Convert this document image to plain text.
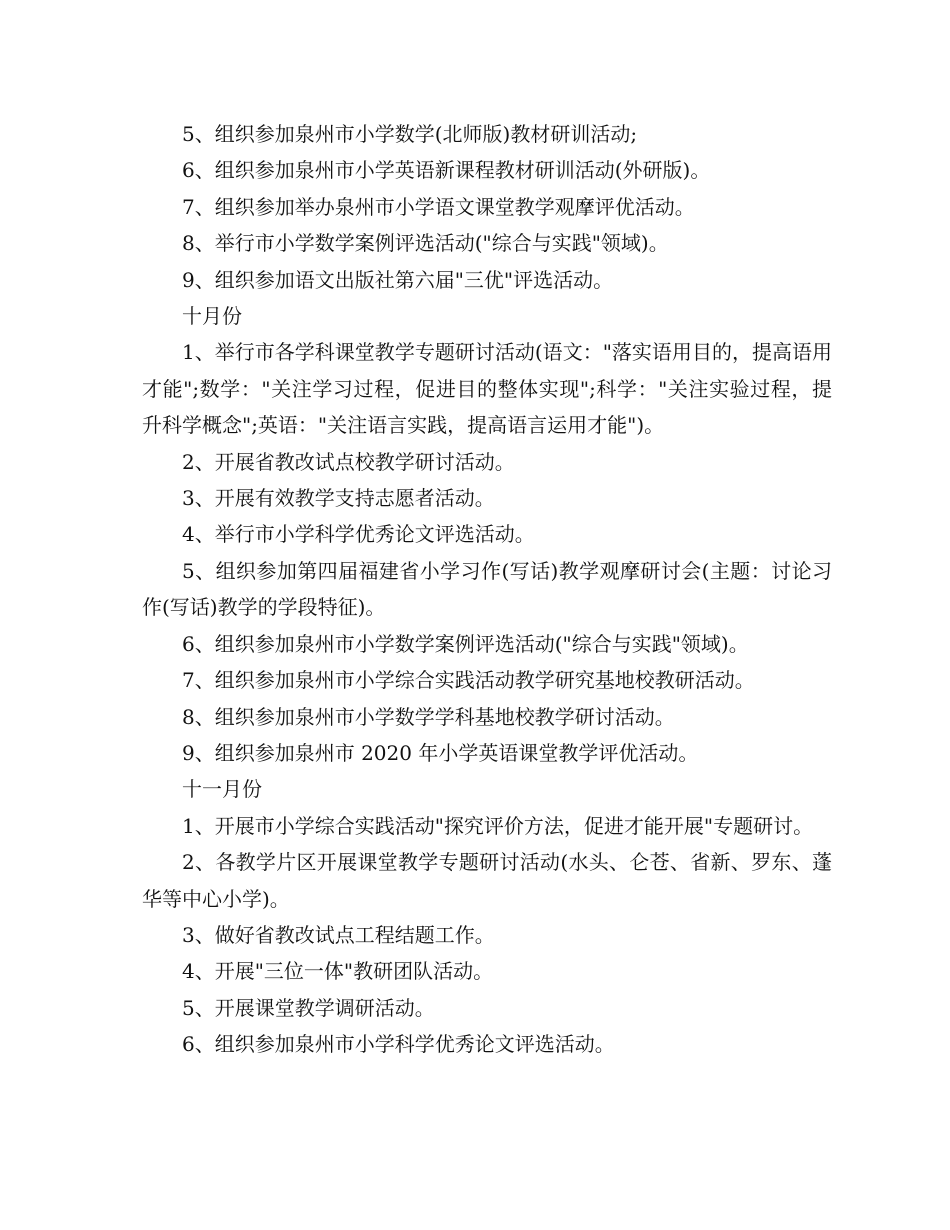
5、组织参加泉州市小学数学(北师版)教材研训活动;

6、组织参加泉州市小学英语新课程教材研训活动(外研版)。

7、组织参加举办泉州市小学语文课堂教学观摩评优活动。

8、举行市小学数学案例评选活动("综合与实践"领域)。

9、组织参加语文出版社第六届"三优"评选活动。

十月份

1、举行市各学科课堂教学专题研讨活动(语文："落实语用目的，提高语用才能";数学："关注学习过程，促进目的整体实现";科学："关注实验过程，提升科学概念";英语："关注语言实践，提高语言运用才能")。

2、开展省教改试点校教学研讨活动。

3、开展有效教学支持志愿者活动。

4、举行市小学科学优秀论文评选活动。

5、组织参加第四届福建省小学习作(写话)教学观摩研讨会(主题：讨论习作(写话)教学的学段特征)。

6、组织参加泉州市小学数学案例评选活动("综合与实践"领域)。

7、组织参加泉州市小学综合实践活动教学研究基地校教研活动。

8、组织参加泉州市小学数学学科基地校教学研讨活动。

9、组织参加泉州市 2020 年小学英语课堂教学评优活动。

十一月份

1、开展市小学综合实践活动"探究评价方法，促进才能开展"专题研讨。

2、各教学片区开展课堂教学专题研讨活动(水头、仑苍、省新、罗东、蓬华等中心小学)。

3、做好省教改试点工程结题工作。

4、开展"三位一体"教研团队活动。

5、开展课堂教学调研活动。

6、组织参加泉州市小学科学优秀论文评选活动。
